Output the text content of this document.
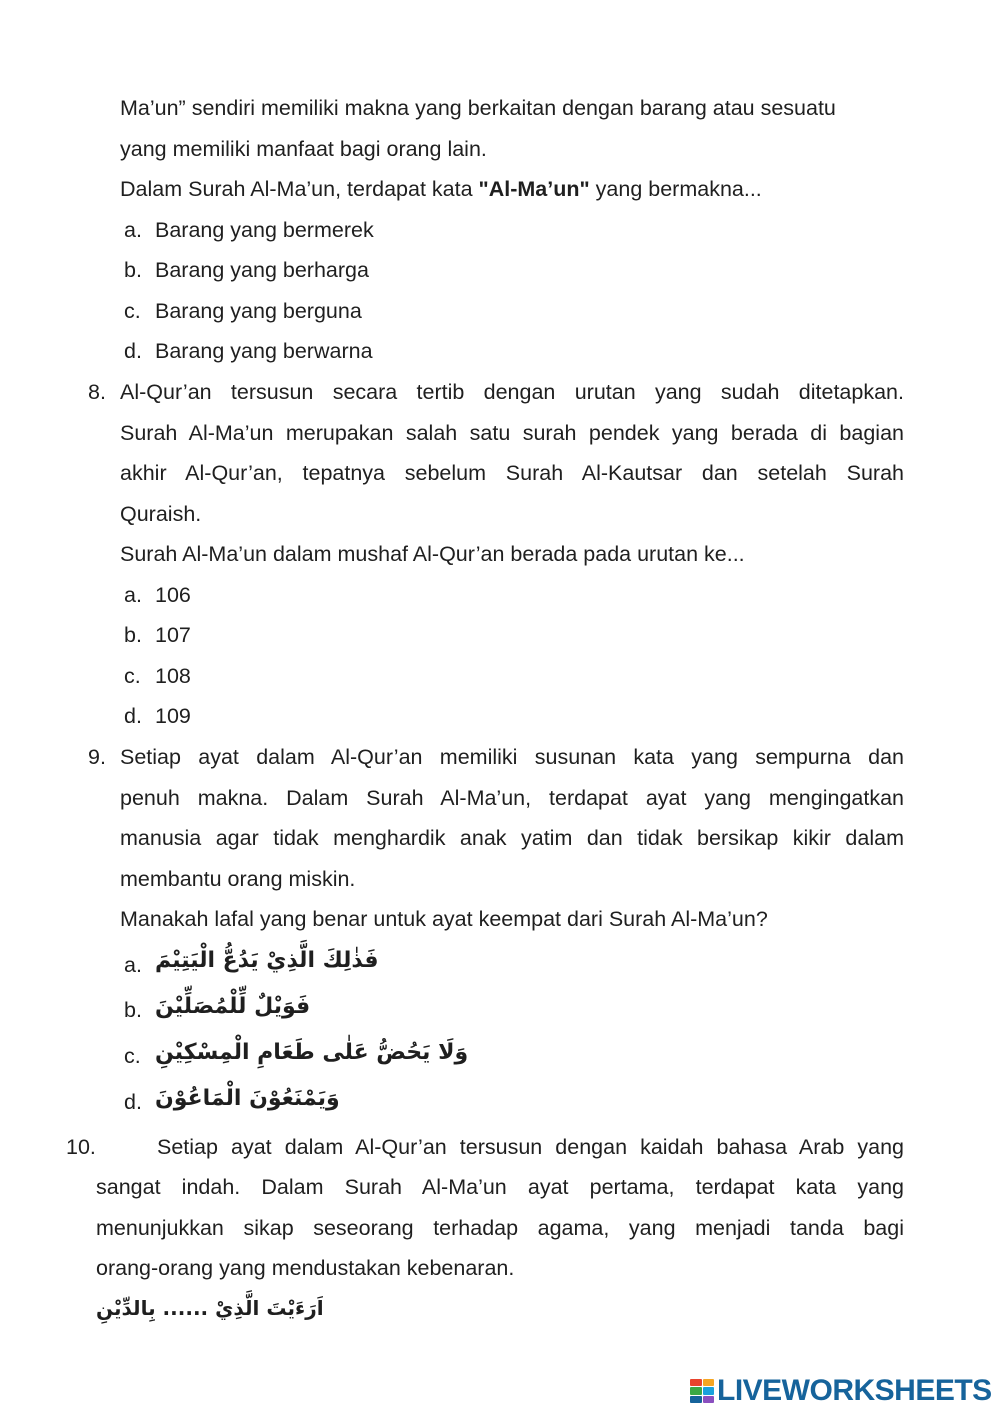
Ma’un” sendiri memiliki makna yang berkaitan dengan barang atau sesuatu
yang memiliki manfaat bagi orang lain.
Dalam Surah Al-Ma’un, terdapat kata "Al-Ma’un" yang bermakna...
a. Barang yang bermerek
b. Barang yang berharga
c. Barang yang berguna
d. Barang yang berwarna
8. Al-Qur’an tersusun secara tertib dengan urutan yang sudah ditetapkan.
Surah Al-Ma’un merupakan salah satu surah pendek yang berada di bagian
akhir Al-Qur’an, tepatnya sebelum Surah Al-Kautsar dan setelah Surah
Quraish.
Surah Al-Ma’un dalam mushaf Al-Qur’an berada pada urutan ke...
a. 106
b. 107
c. 108
d. 109
9. Setiap ayat dalam Al-Qur’an memiliki susunan kata yang sempurna dan
penuh makna. Dalam Surah Al-Ma’un, terdapat ayat yang mengingatkan
manusia agar tidak menghardik anak yatim dan tidak bersikap kikir dalam
membantu orang miskin.
Manakah lafal yang benar untuk ayat keempat dari Surah Al-Ma’un?
a. فَذٰلِكَ الَّذِيْ يَدُعُّ الْيَتِيْمَ
b. فَوَيْلٌ لِّلْمُصَلِّيْنَ
c. وَلَا يَحُضُّ عَلٰى طَعَامِ الْمِسْكِيْنِ
d. وَيَمْنَعُوْنَ الْمَاعُوْنَ
10.	Setiap ayat dalam Al-Qur’an tersusun dengan kaidah bahasa Arab yang
sangat indah. Dalam Surah Al-Ma’un ayat pertama, terdapat kata yang
menunjukkan sikap seseorang terhadap agama, yang menjadi tanda bagi
orang-orang yang mendustakan kebenaran.
اَرَءَيْتَ الَّذِيْ ...... بِالدِّيْنِ
LIVEWORKSHEETS
